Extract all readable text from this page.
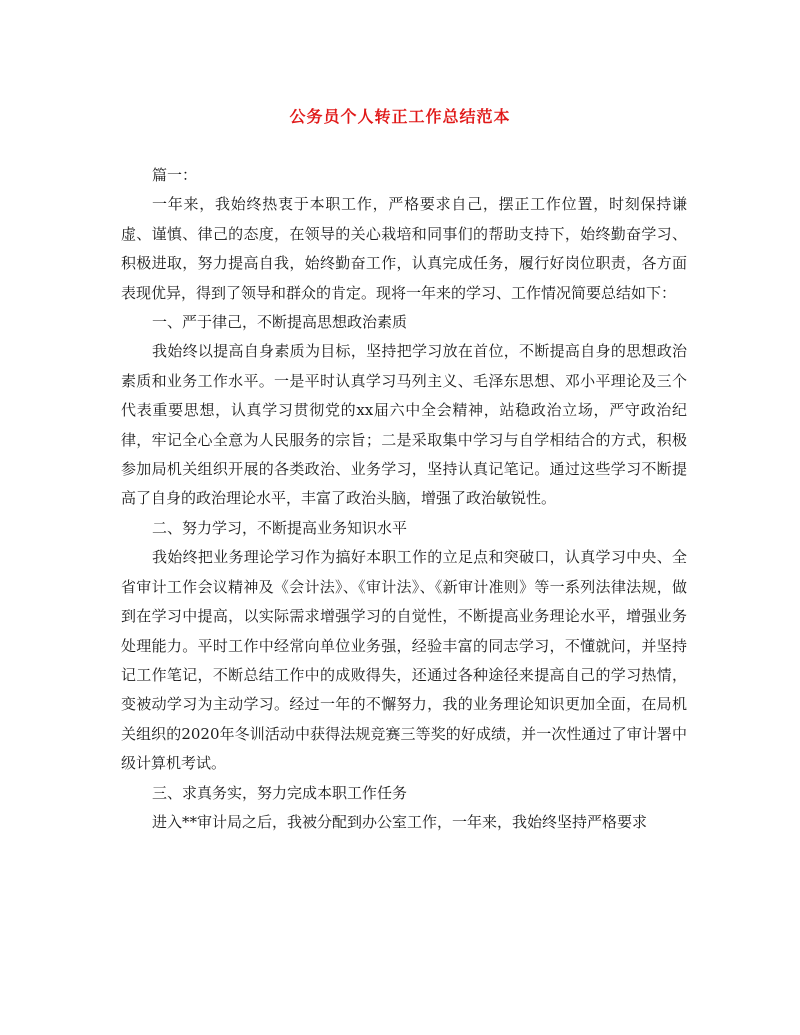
公务员个人转正工作总结范本

篇一：

一年来，我始终热衷于本职工作，严格要求自己，摆正工作位置，时刻保持谦虚、谨慎、律己的态度，在领导的关心栽培和同事们的帮助支持下，始终勤奋学习、积极进取，努力提高自我，始终勤奋工作，认真完成任务，履行好岗位职责，各方面表现优异，得到了领导和群众的肯定。现将一年来的学习、工作情况简要总结如下：

一、严于律己，不断提高思想政治素质

我始终以提高自身素质为目标，坚持把学习放在首位，不断提高自身的思想政治素质和业务工作水平。一是平时认真学习马列主义、毛泽东思想、邓小平理论及三个代表重要思想，认真学习贯彻党的xx届六中全会精神，站稳政治立场，严守政治纪律，牢记全心全意为人民服务的宗旨；二是采取集中学习与自学相结合的方式，积极参加局机关组织开展的各类政治、业务学习，坚持认真记笔记。通过这些学习不断提高了自身的政治理论水平，丰富了政治头脑，增强了政治敏锐性。

二、努力学习，不断提高业务知识水平

我始终把业务理论学习作为搞好本职工作的立足点和突破口，认真学习中央、全省审计工作会议精神及《会计法》、《审计法》、《新审计准则》等一系列法律法规，做到在学习中提高，以实际需求增强学习的自觉性，不断提高业务理论水平，增强业务处理能力。平时工作中经常向单位业务强，经验丰富的同志学习，不懂就问，并坚持记工作笔记，不断总结工作中的成败得失，还通过各种途径来提高自己的学习热情，变被动学习为主动学习。经过一年的不懈努力，我的业务理论知识更加全面，在局机关组织的2020年冬训活动中获得法规竞赛三等奖的好成绩，并一次性通过了审计署中级计算机考试。

三、求真务实，努力完成本职工作任务

进入**审计局之后，我被分配到办公室工作，一年来，我始终坚持严格要求
